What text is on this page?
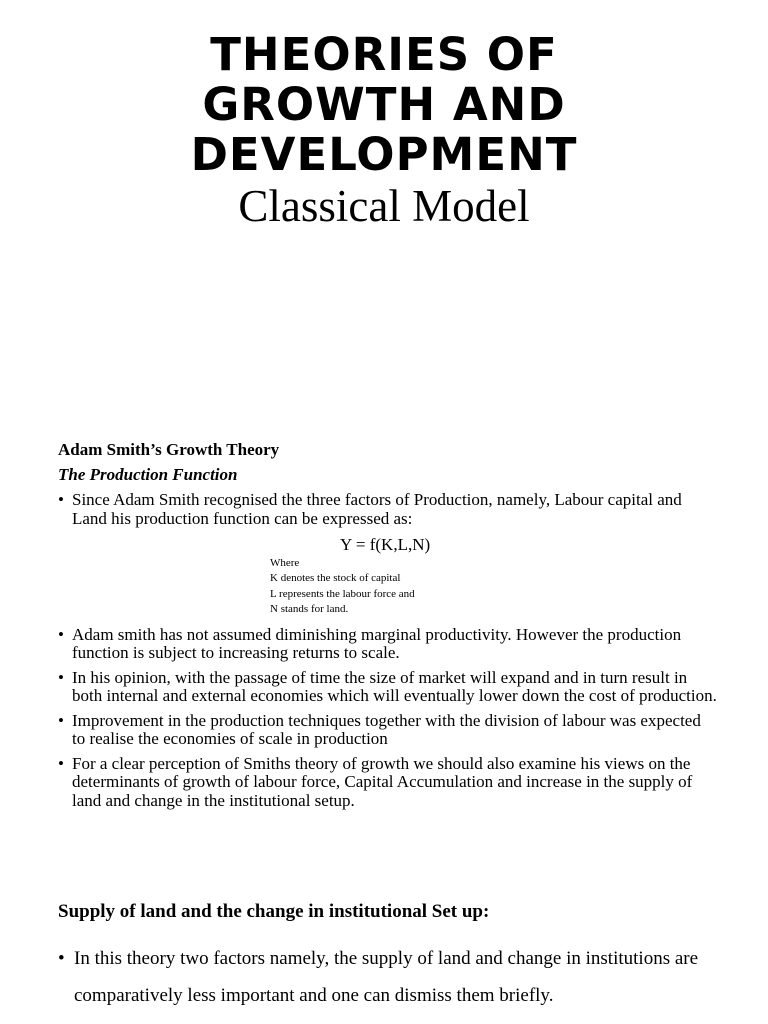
THEORIES OF
GROWTH AND
DEVELOPMENT
Classical Model
Adam Smith’s Growth Theory
The Production Function
• Since Adam Smith recognised the three factors of Production, namely, Labour capital and Land his production function can be expressed as:
Y = f(K,L,N)
Where
K denotes the stock of capital
L represents the labour force and
N stands for land.
• Adam smith has not assumed diminishing marginal productivity. However the production function is subject to increasing returns to scale.
• In his opinion, with the passage of time the size of market will expand and in turn result in both internal and external economies which will eventually lower down the cost of production.
• Improvement in the production techniques together with the division of labour was expected to realise the economies of scale in production
• For a clear perception of Smiths theory of growth we should also examine his views on the determinants of growth of labour force, Capital Accumulation and increase in the supply of land and change in the institutional setup.
Supply of land and the change in institutional Set up:
• In this theory two factors namely, the supply of land and change in institutions are comparatively less important and one can dismiss them briefly.
